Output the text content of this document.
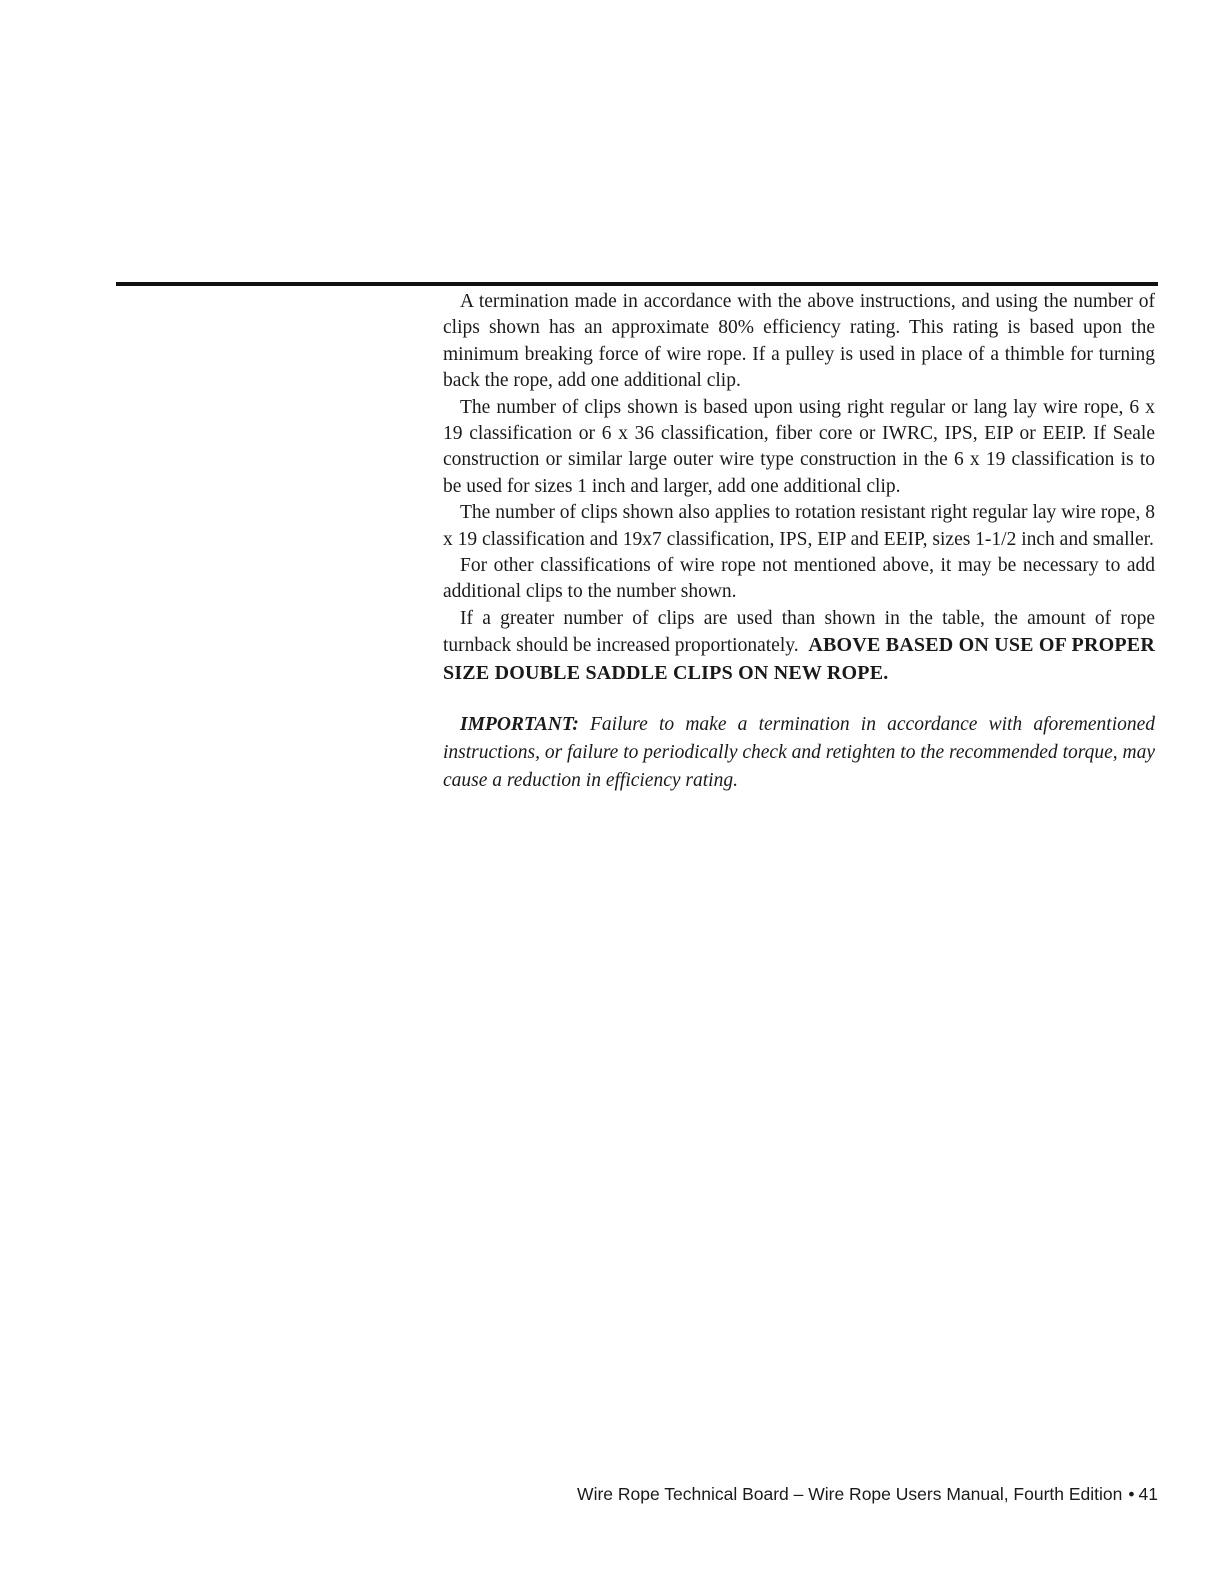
A termination made in accordance with the above instructions, and using the number of clips shown has an approximate 80% efficiency rating. This rating is based upon the minimum breaking force of wire rope. If a pulley is used in place of a thimble for turning back the rope, add one additional clip.

The number of clips shown is based upon using right regular or lang lay wire rope, 6 x 19 classification or 6 x 36 classification, fiber core or IWRC, IPS, EIP or EEIP. If Seale construction or similar large outer wire type construction in the 6 x 19 classification is to be used for sizes 1 inch and larger, add one additional clip.

The number of clips shown also applies to rotation resistant right regular lay wire rope, 8 x 19 classification and 19x7 classification, IPS, EIP and EEIP, sizes 1-1/2 inch and smaller.

For other classifications of wire rope not mentioned above, it may be necessary to add additional clips to the number shown.

If a greater number of clips are used than shown in the table, the amount of rope turnback should be increased proportionately. ABOVE BASED ON USE OF PROPER SIZE DOUBLE SADDLE CLIPS ON NEW ROPE.

IMPORTANT: Failure to make a termination in accordance with aforementioned instructions, or failure to periodically check and retighten to the recommended torque, may cause a reduction in efficiency rating.

Wire Rope Technical Board – Wire Rope Users Manual, Fourth Edition • 41
